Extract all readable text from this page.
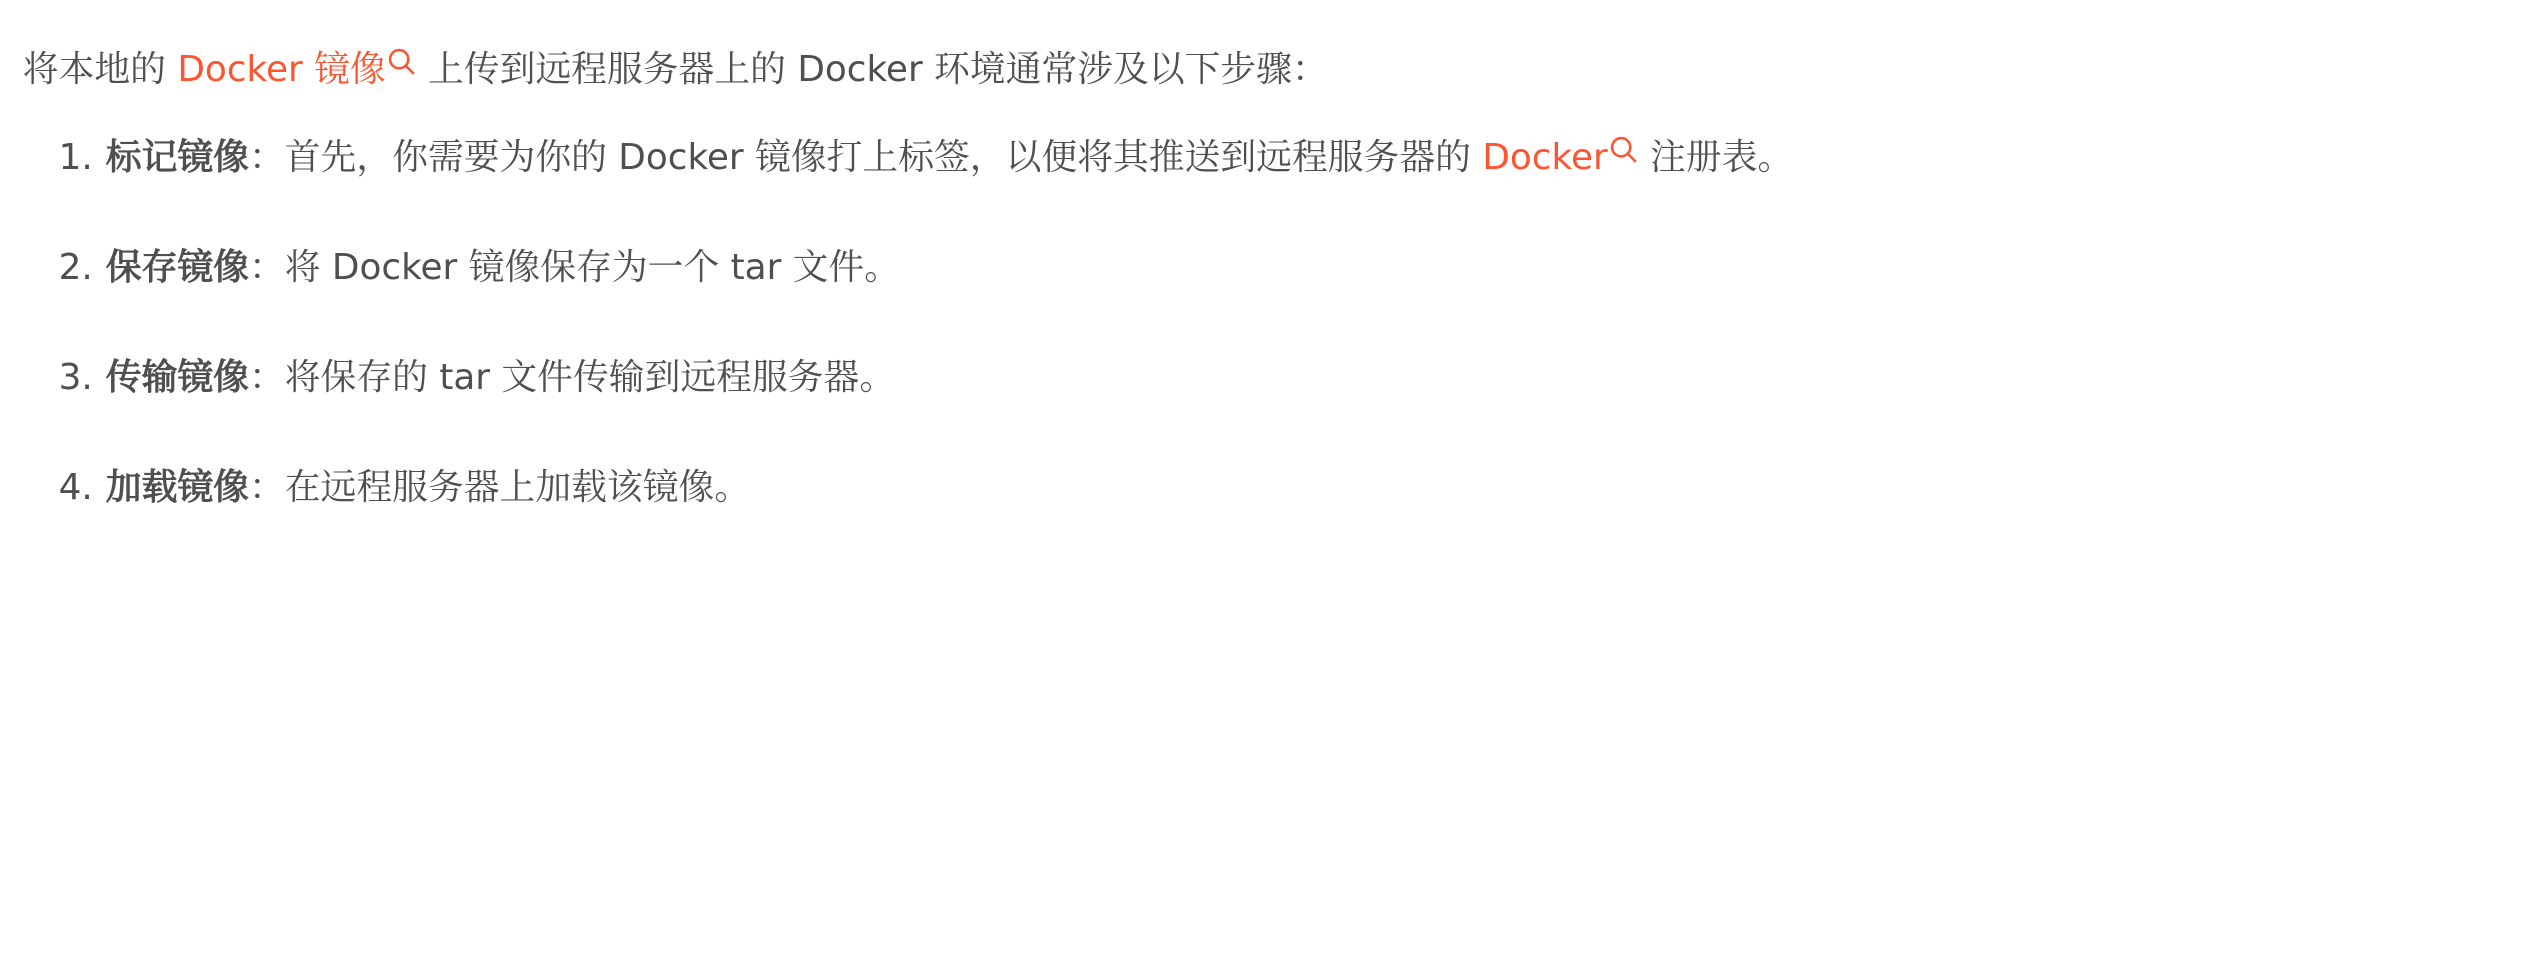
将本地的 Docker 镜像 上传到远程服务器上的 Docker 环境通常涉及以下步骤：

1. 标记镜像：首先，你需要为你的 Docker 镜像打上标签，以便将其推送到远程服务器的 Docker 注册表。
2. 保存镜像：将 Docker 镜像保存为一个 tar 文件。
3. 传输镜像：将保存的 tar 文件传输到远程服务器。
4. 加载镜像：在远程服务器上加载该镜像。
